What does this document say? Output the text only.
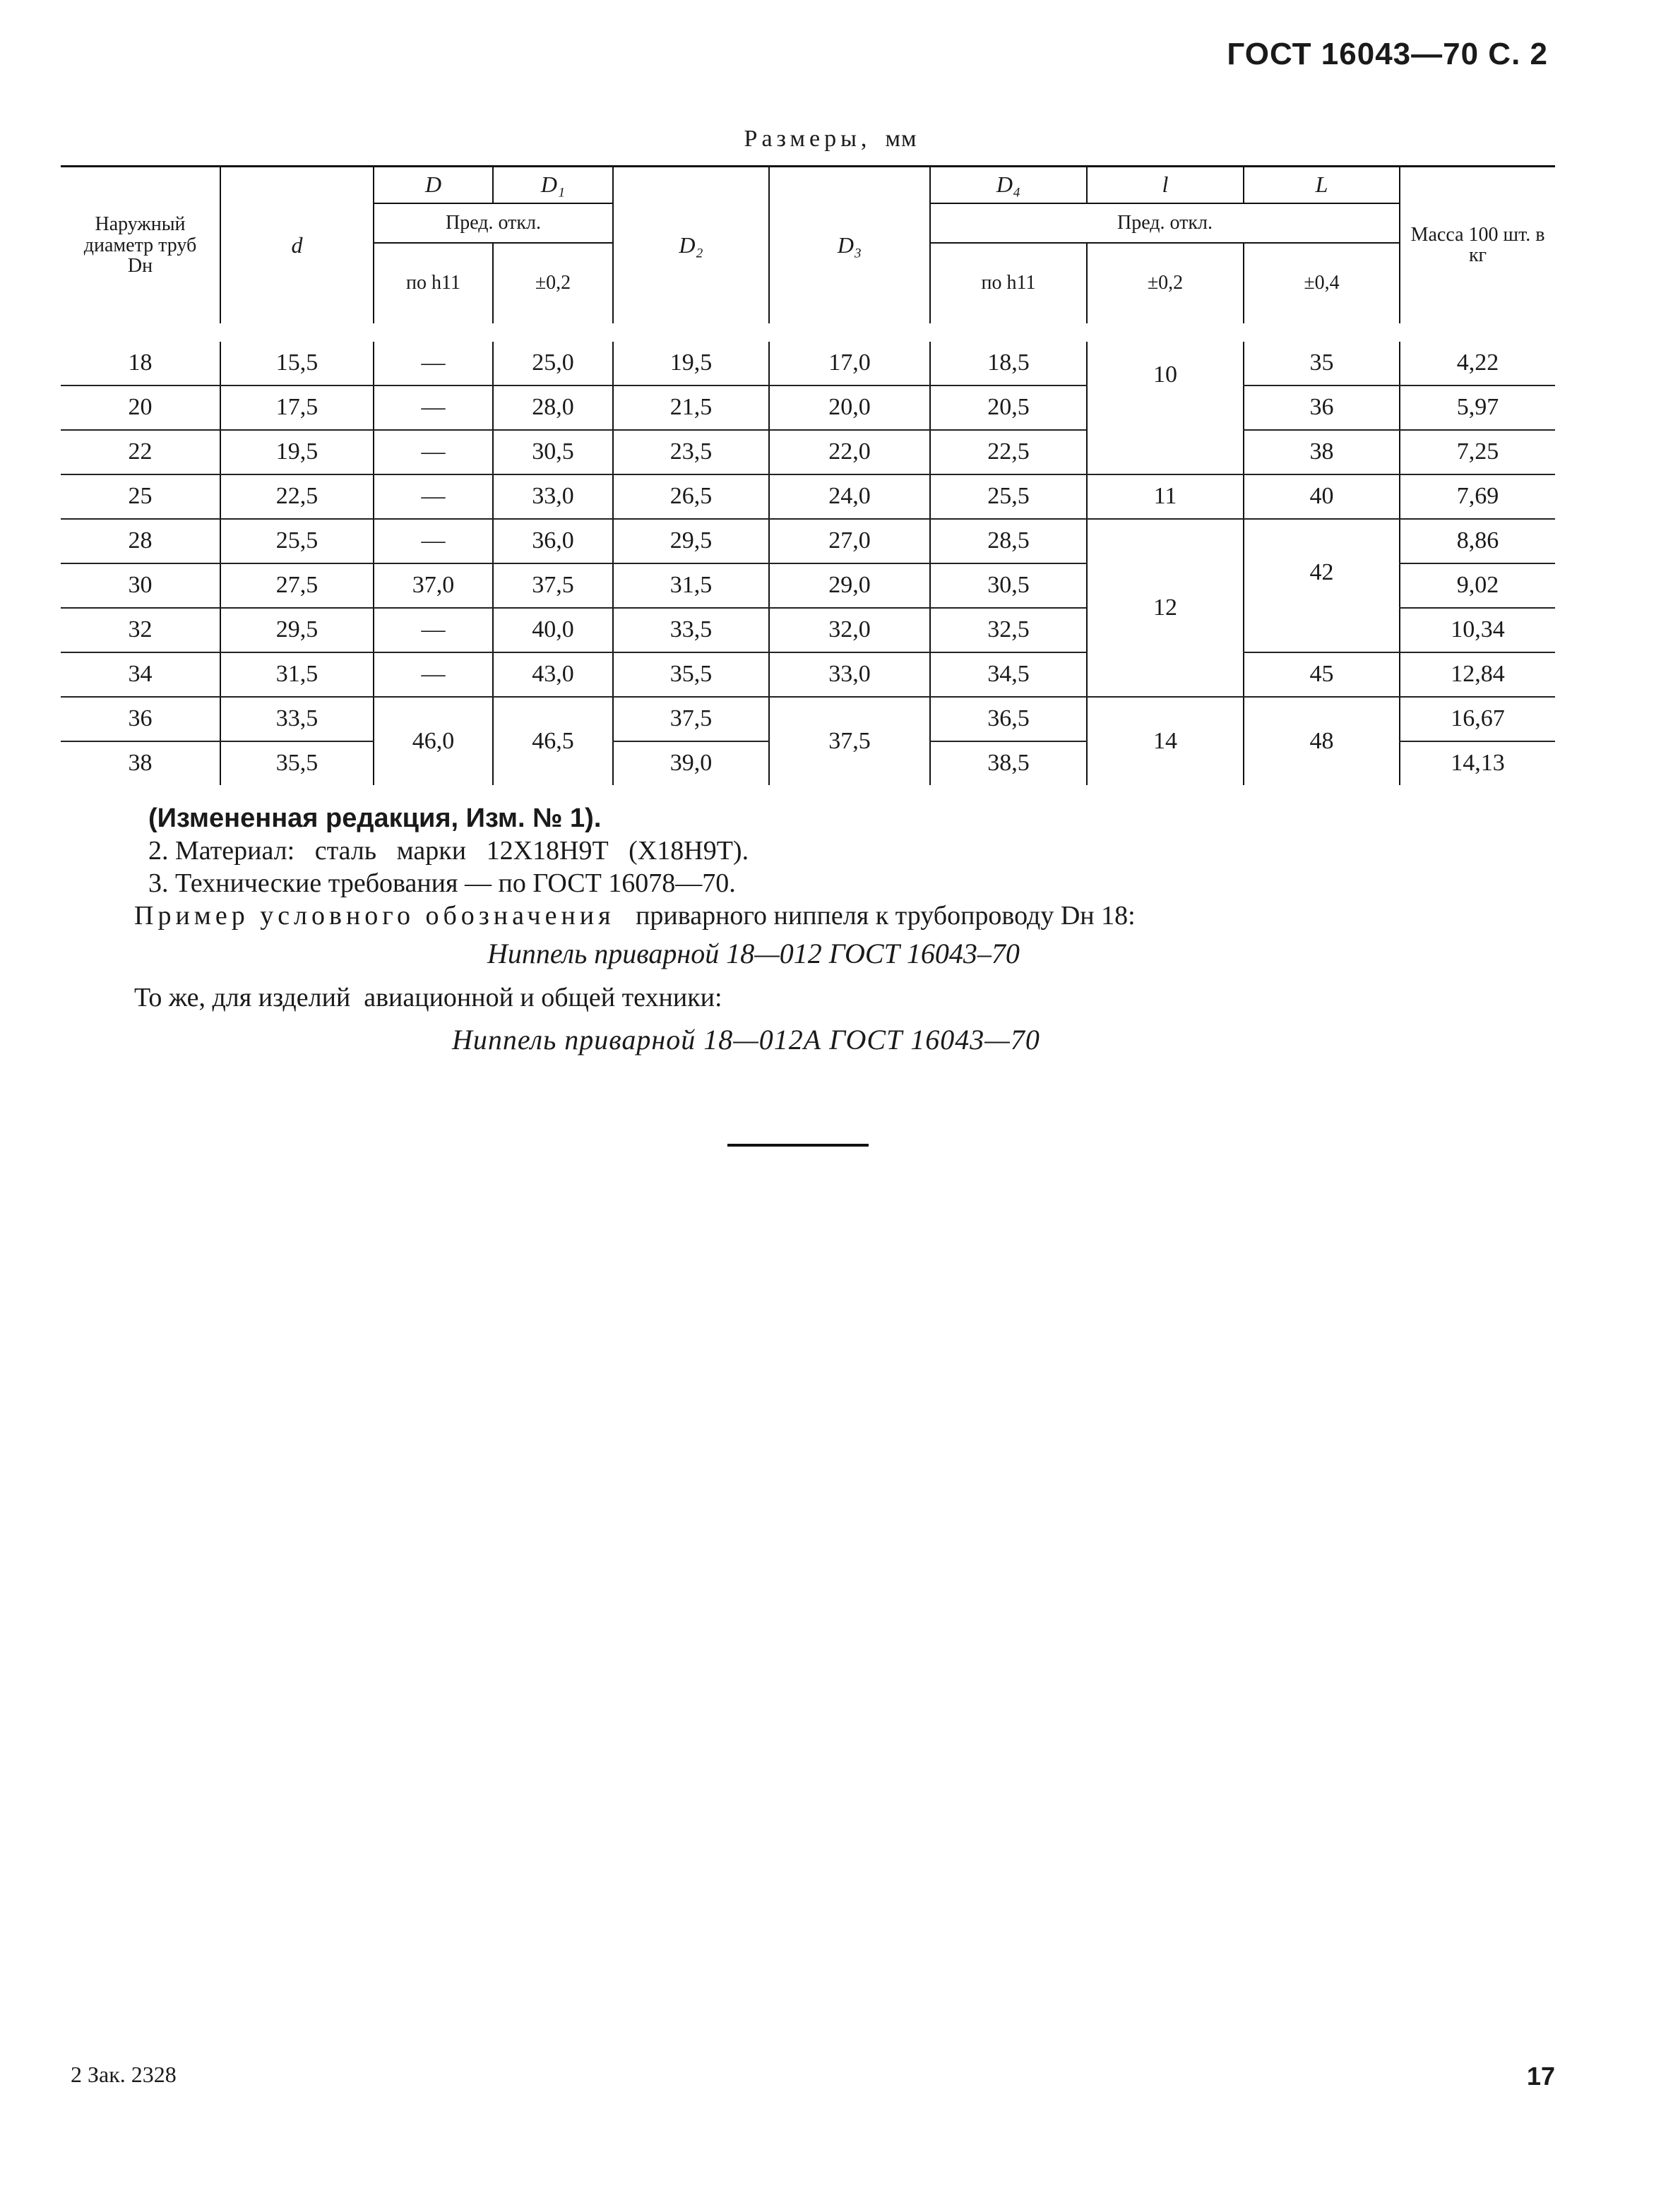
ГОСТ 16043—70 С. 2
Размеры, мм
Наружный диаметр труб Dн	d	D	D₁	D₂	D₃	D₄	l	L	Масса 100 шт. в кг
		Пред. откл.				Пред. откл.			
		по h11	±0,2			по h11	±0,2	±0,4	

18	15,5	—	25,0	19,5	17,0	18,5	10	35	4,22
20	17,5	—	28,0	21,5	20,0	20,5		36	5,97
22	19,5	—	30,5	23,5	22,0	22,5		38	7,25
25	22,5	—	33,0	26,5	24,0	25,5	11	40	7,69
28	25,5	—	36,0	29,5	27,0	28,5	12	42	8,86
30	27,5	37,0	37,5	31,5	29,0	30,5			9,02
32	29,5	—	40,0	33,5	32,0	32,5			10,34
34	31,5	—	43,0	35,5	33,0	34,5		45	12,84
36	33,5	46,0	46,5	37,5	37,5	36,5	14	48	16,67
38	35,5			39,0		38,5			14,13
(Измененная редакция, Изм. № 1).
2. Материал:   сталь   марки   12Х18Н9Т   (Х18Н9Т).
3. Технические требования — по ГОСТ 16078—70.
Пример условного обозначения приварного ниппеля к трубопроводу Dн 18:
Ниппель приварной 18—012 ГОСТ 16043–70
То же, для изделий  авиационной и общей техники:
Ниппель приварной 18—012А ГОСТ 16043—70
2 Зак. 2328	17
